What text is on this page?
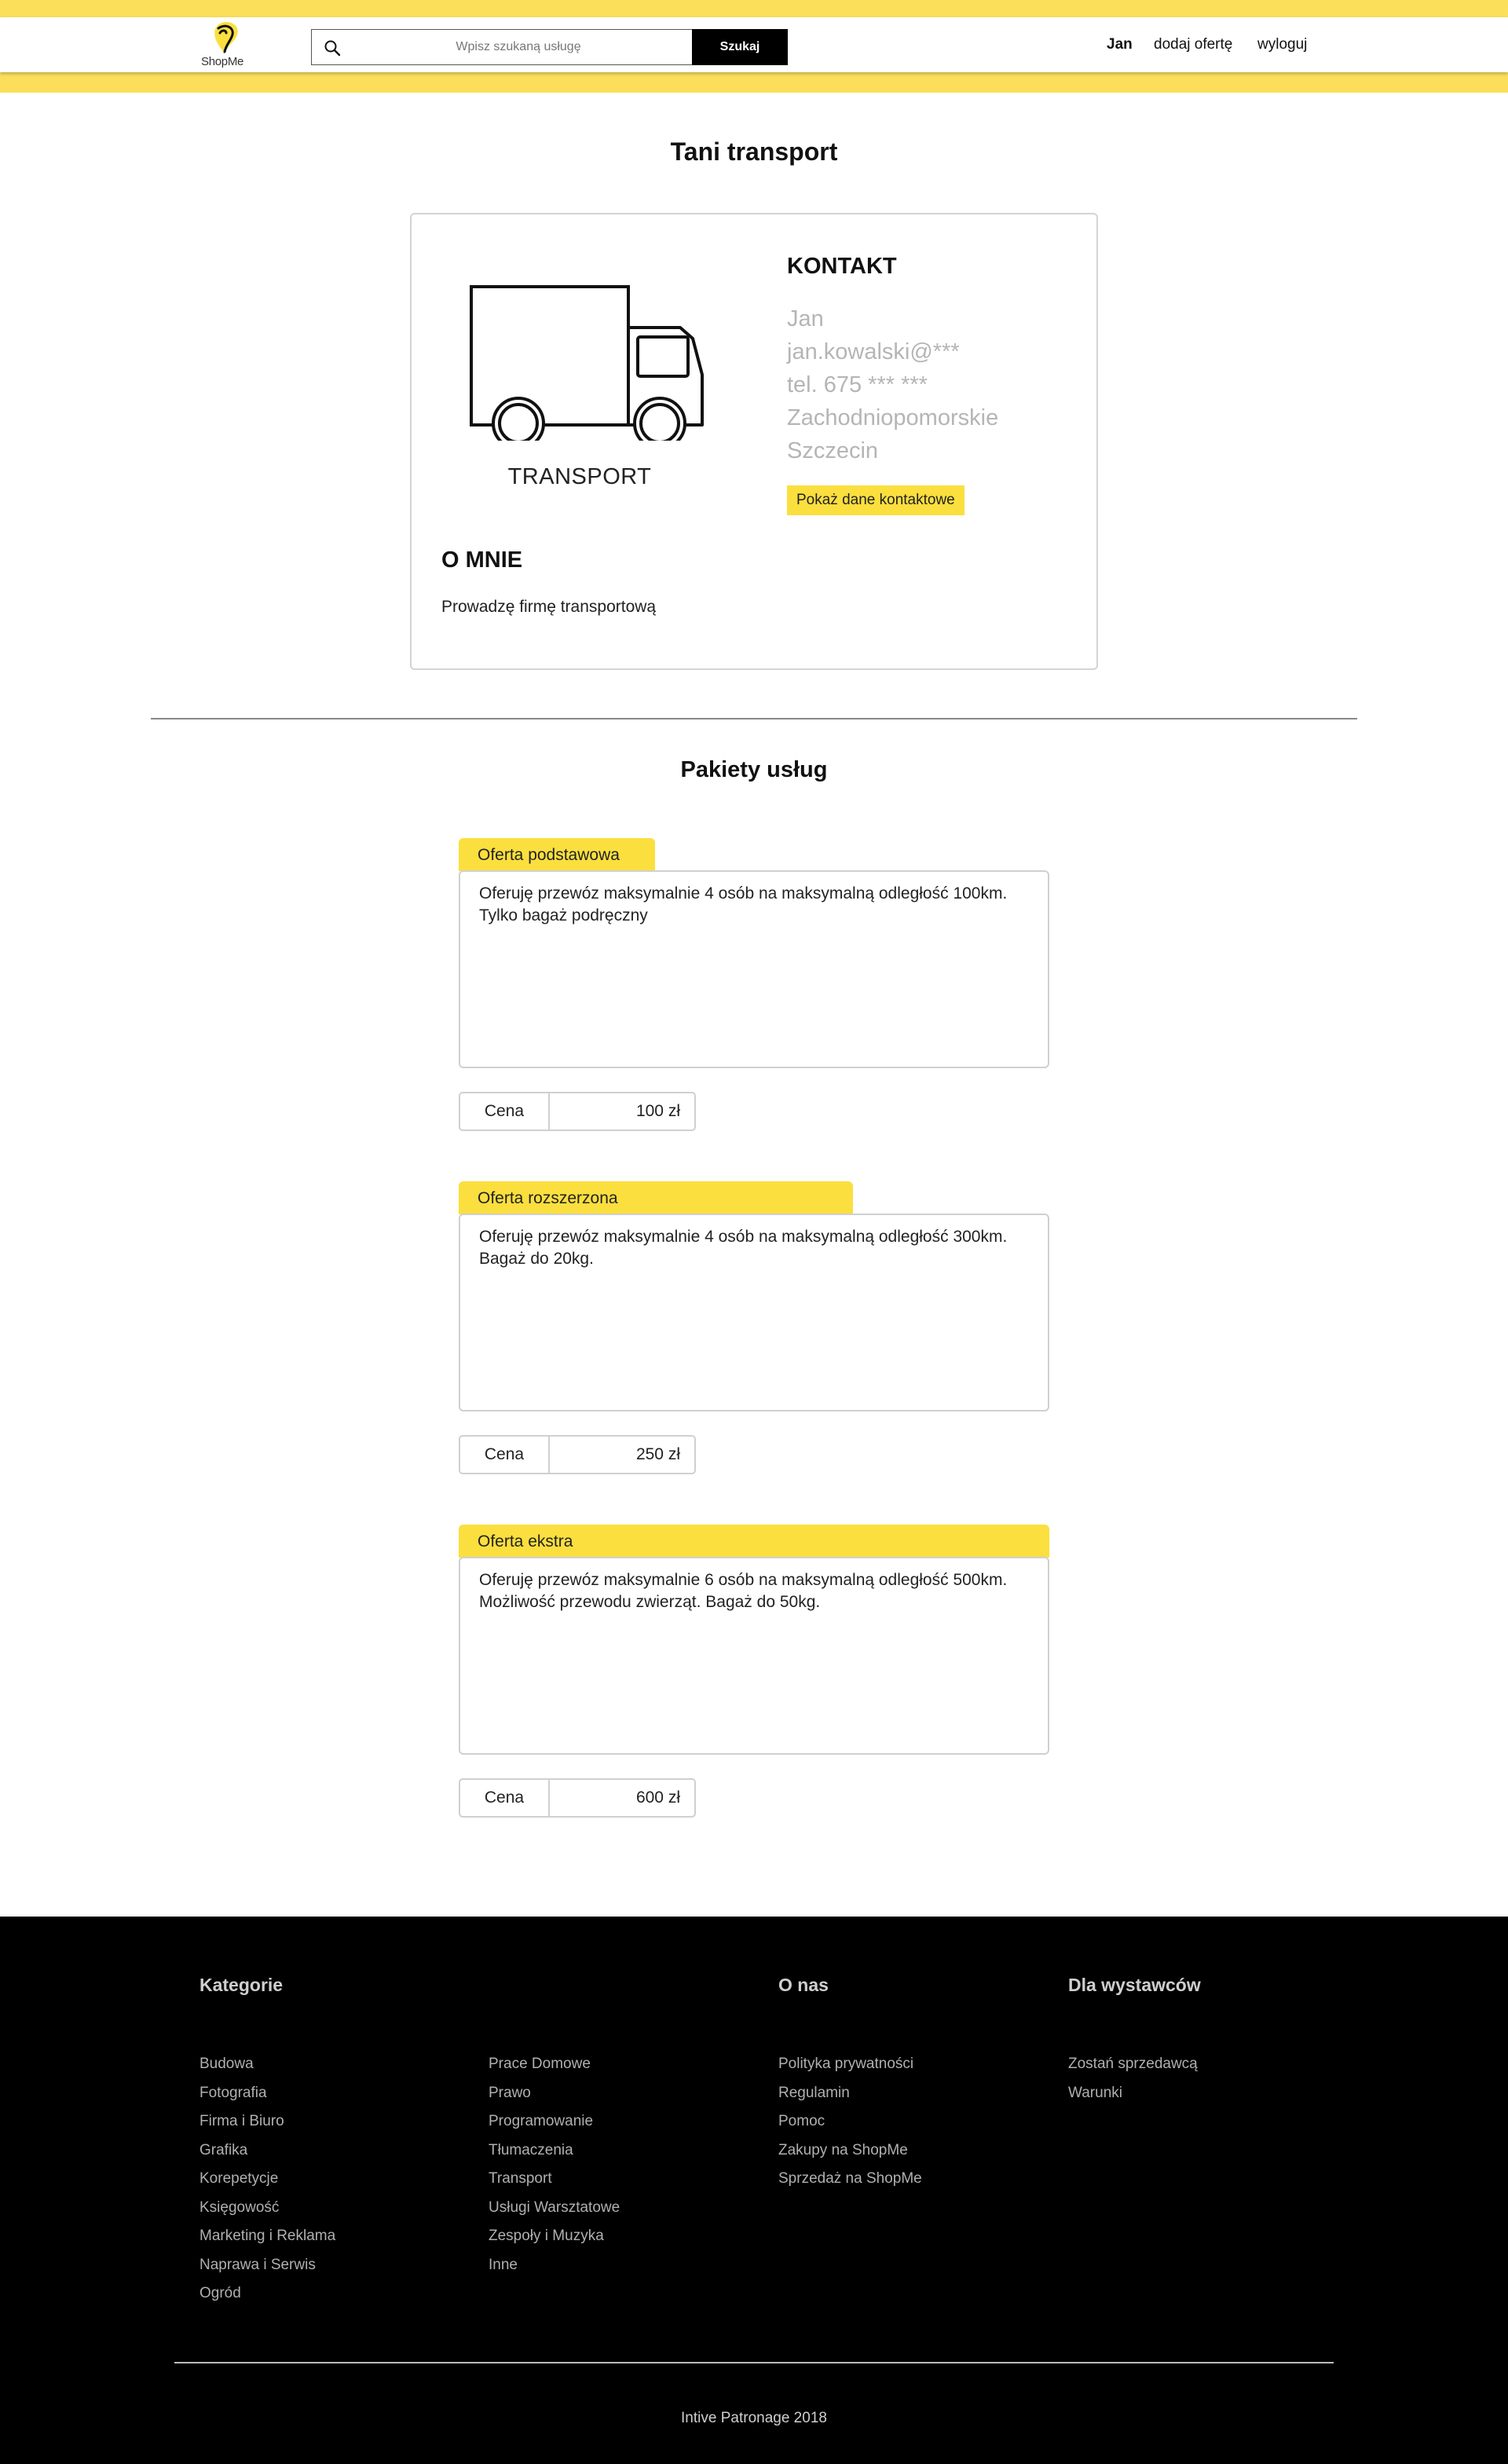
ShopMe
Wpisz szukaną usługę
Szukaj	Jan dodaj ofertę wyloguj
Tani transport
TRANSPORT
KONTAKT
Jan
jan.kowalski@***
tel. 675 *** ***
Zachodniopomorskie
Szczecin
Pokaż dane kontaktowe
O MNIE

Prowadzę firmę transportową

Pakiety usług
Oferta podstawowa
Oferuję przewóz maksymalnie 4 osób na maksymalną odległość 100km.
Tylko bagaż podręczny
Cena	100 zł
Oferta rozszerzona
Oferuję przewóz maksymalnie 4 osób na maksymalną odległość 300km.
Bagaż do 20kg.
Cena	250 zł
Oferta ekstra
Oferuję przewóz maksymalnie 6 osób na maksymalną odległość 500km.
Możliwość przewodu zwierząt. Bagaż do 50kg.
Cena	600 zł
Kategorie	O nas	Dla wystawców
Budowa
Fotografia
Firma i Biuro
Grafika
Korepetycje
Księgowość
Marketing i Reklama
Naprawa i Serwis
Ogród
Prace Domowe
Prawo
Programowanie
Tłumaczenia
Transport
Usługi Warsztatowe
Zespoły i Muzyka
Inne
Polityka prywatności
Regulamin
Pomoc
Zakupy na ShopMe
Sprzedaż na ShopMe
Zostań sprzedawcą
Warunki
Intive Patronage 2018
